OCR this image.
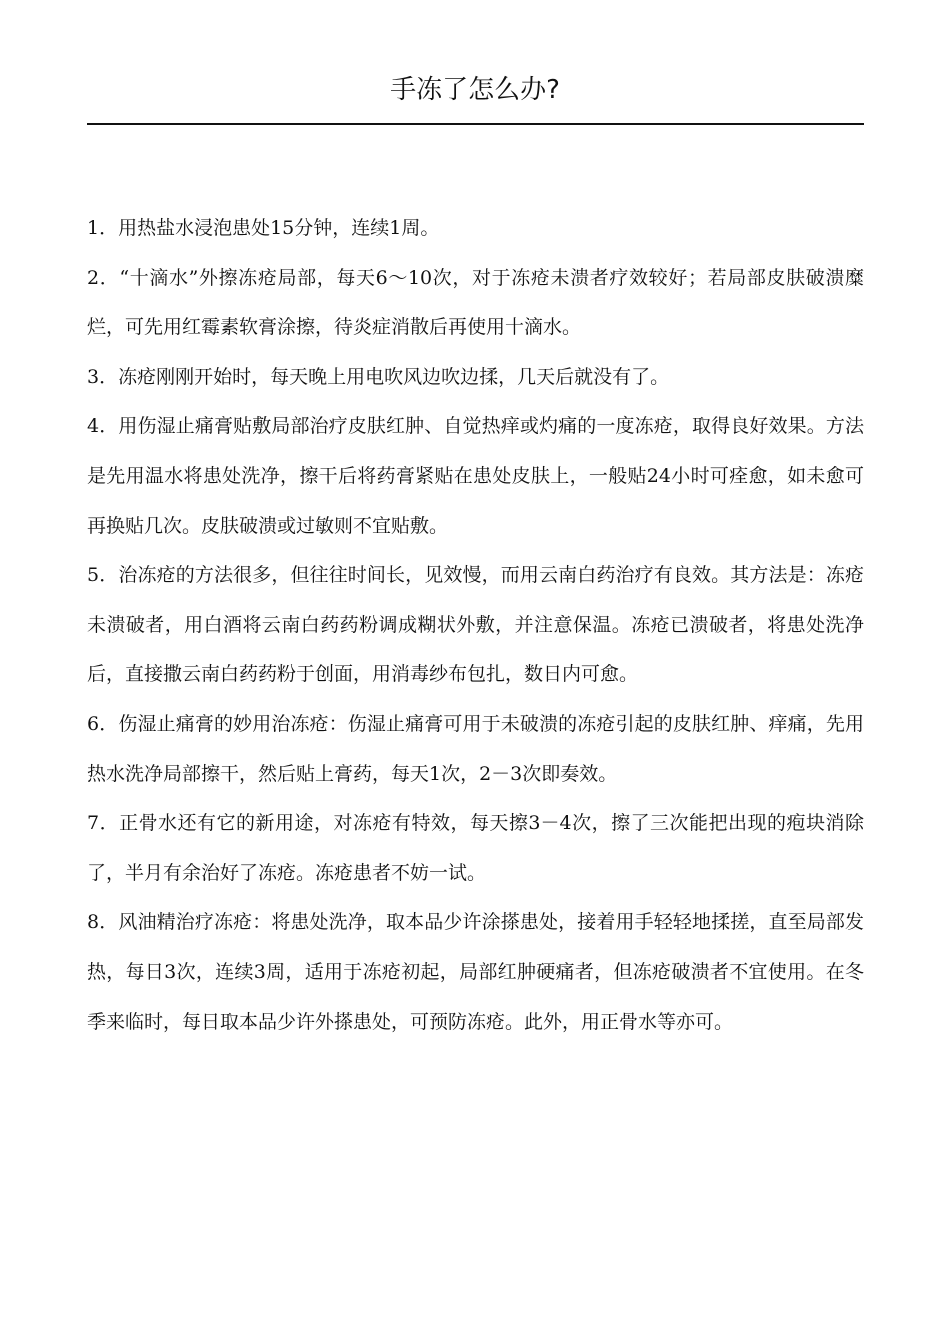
手冻了怎么办?

1．用热盐水浸泡患处15分钟，连续1周。

2．“十滴水”外擦冻疮局部，每天6～10次，对于冻疮未溃者疗效较好；若局部皮肤破溃糜烂，可先用红霉素软膏涂擦，待炎症消散后再使用十滴水。

3．冻疮刚刚开始时，每天晚上用电吹风边吹边揉，几天后就没有了。

4．用伤湿止痛膏贴敷局部治疗皮肤红肿、自觉热痒或灼痛的一度冻疮，取得良好效果。方法是先用温水将患处洗净，擦干后将药膏紧贴在患处皮肤上，一般贴24小时可痊愈，如未愈可再换贴几次。皮肤破溃或过敏则不宜贴敷。

5．治冻疮的方法很多，但往往时间长，见效慢，而用云南白药治疗有良效。其方法是：冻疮未溃破者，用白酒将云南白药药粉调成糊状外敷，并注意保温。冻疮已溃破者，将患处洗净后，直接撒云南白药药粉于创面，用消毒纱布包扎，数日内可愈。

6．伤湿止痛膏的妙用治冻疮：伤湿止痛膏可用于未破溃的冻疮引起的皮肤红肿、痒痛，先用热水洗净局部擦干，然后贴上膏药，每天1次，2－3次即奏效。

7．正骨水还有它的新用途，对冻疮有特效，每天擦3－4次，擦了三次能把出现的疱块消除了，半月有余治好了冻疮。冻疮患者不妨一试。

8．风油精治疗冻疮：将患处洗净，取本品少许涂搽患处，接着用手轻轻地揉搓，直至局部发热，每日3次，连续3周，适用于冻疮初起，局部红肿硬痛者，但冻疮破溃者不宜使用。在冬季来临时，每日取本品少许外搽患处，可预防冻疮。此外，用正骨水等亦可。
